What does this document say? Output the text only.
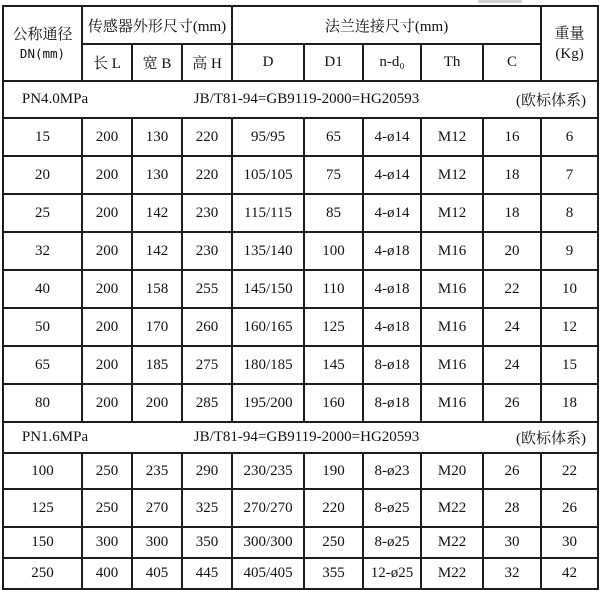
公称通径
DN(mm)
	传感器外形尺寸(mm)	法兰连接尺寸(mm)	重量
(Kg)

	长 L	宽 B	高 H	D	D1	n-d₀	Th	C	

PN4.0MPa JB/T81-94=GB9119-2000=HG20593 (欧标体系)									

15	200	130	220	95/95	65	4-ø14	M12	16	6
20	200	130	220	105/105	75	4-ø14	M12	18	7
25	200	142	230	115/115	85	4-ø14	M12	18	8
32	200	142	230	135/140	100	4-ø18	M16	20	9
40	200	158	255	145/150	110	4-ø18	M16	22	10
50	200	170	260	160/165	125	4-ø18	M16	24	12
65	200	185	275	180/185	145	8-ø18	M16	24	15
80	200	200	285	195/200	160	8-ø18	M16	26	18

PN1.6MPa JB/T81-94=GB9119-2000=HG20593 (欧标体系)									

100	250	235	290	230/235	190	8-ø23	M20	26	22
125	250	270	325	270/270	220	8-ø25	M22	28	26
150	300	300	350	300/300	250	8-ø25	M22	30	30
250	400	405	445	405/405	355	12-ø25	M22	32	42
